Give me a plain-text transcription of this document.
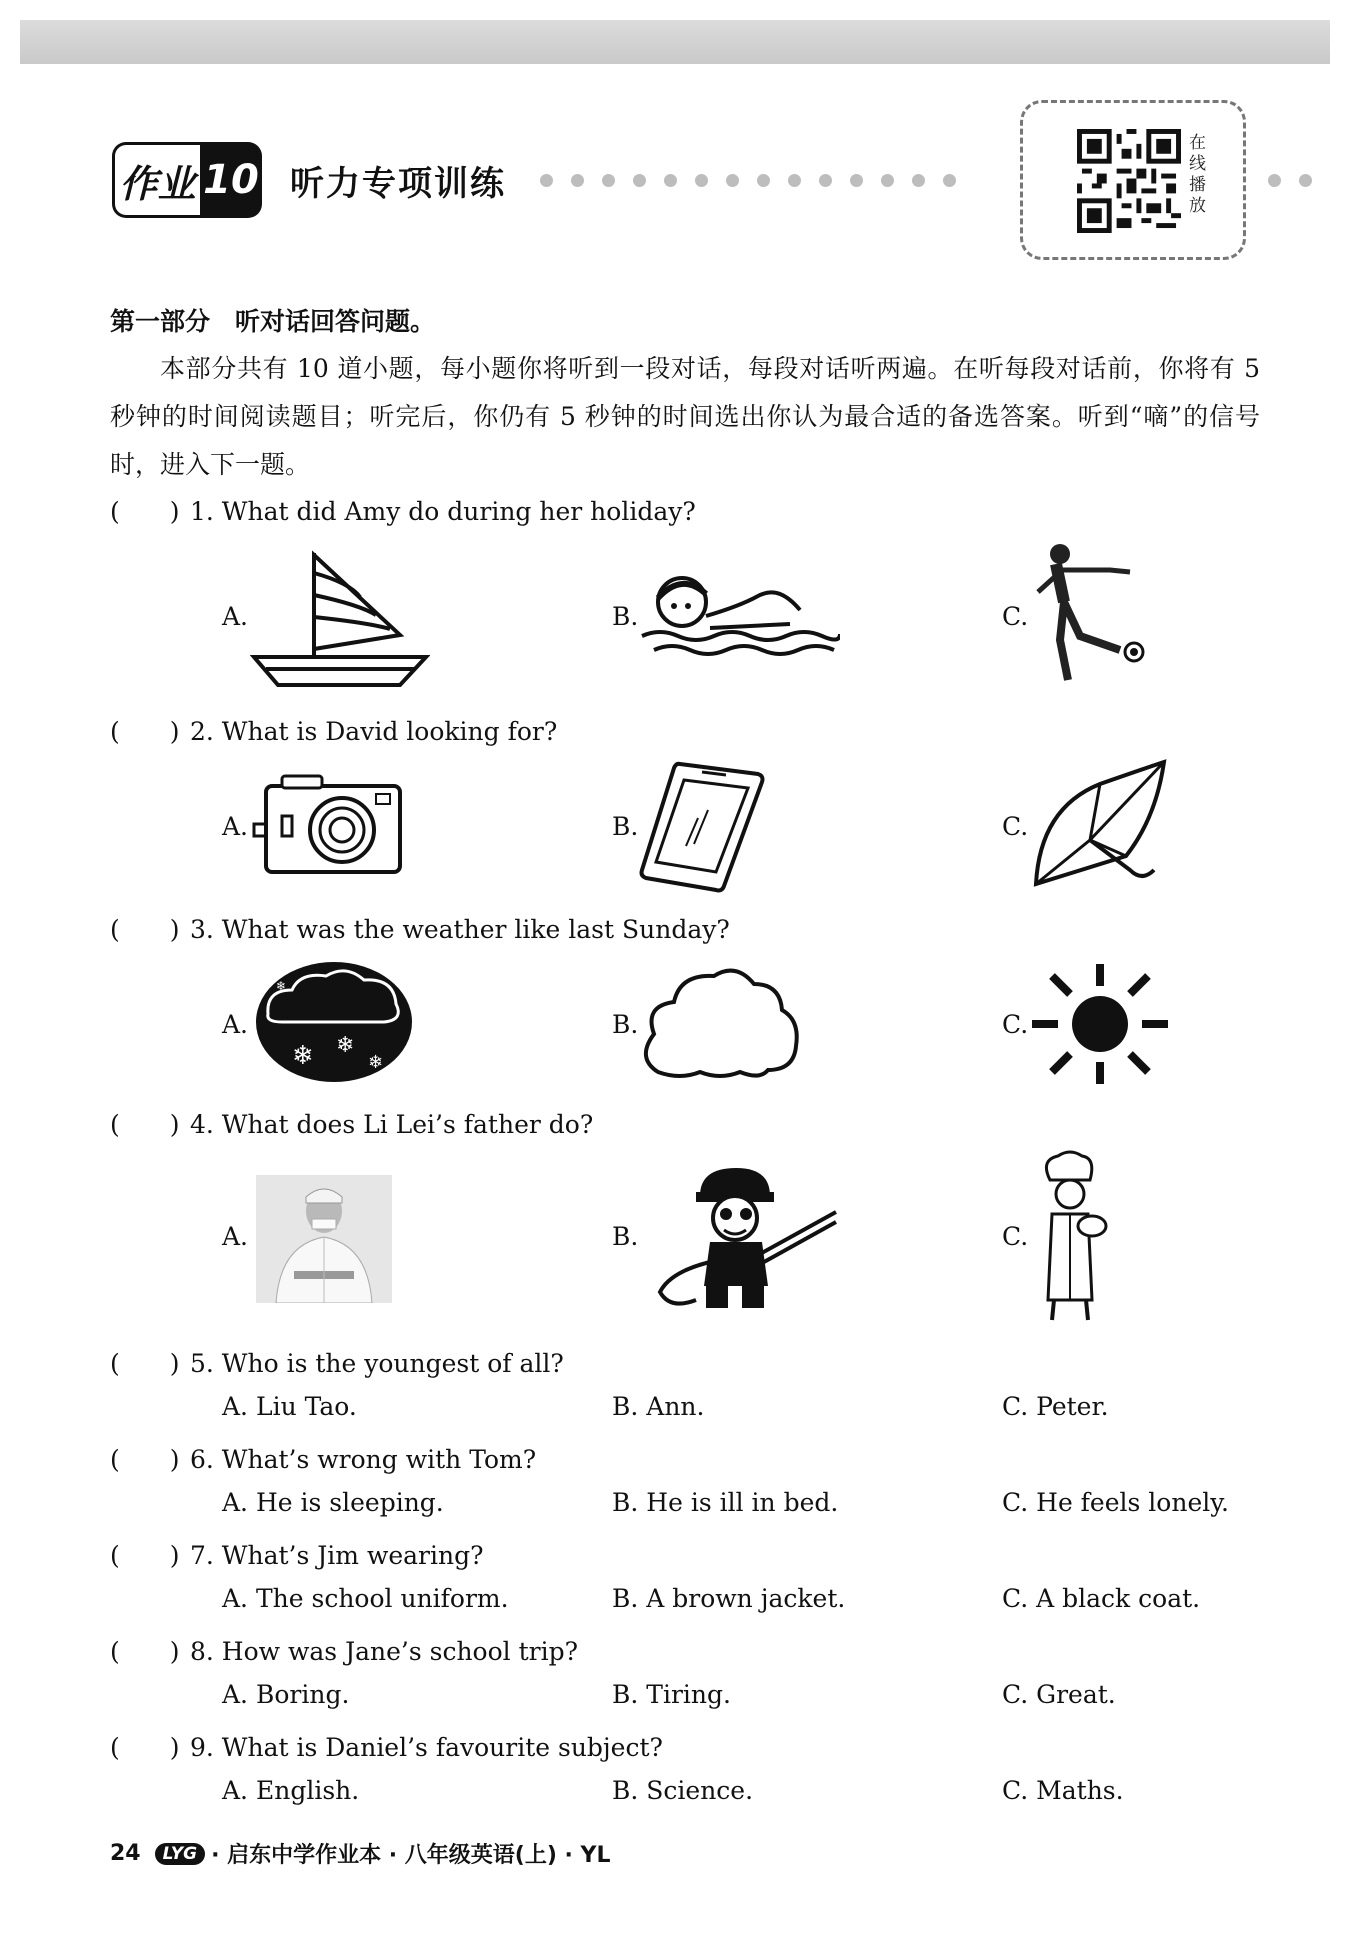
作业 10 听力专项训练
在线播放
第一部分　听对话回答问题。
本部分共有 10 道小题，每小题你将听到一段对话，每段对话听两遍。在听每段对话前，你将有 5 秒钟的时间阅读题目；听完后，你仍有 5 秒钟的时间选出你认为最合适的备选答案。听到“嘀”的信号时，进入下一题。
(　　) 1. What did Amy do during her holiday?
A.	B.	C.
(　　) 2. What is David looking for?
A.	B.	C.
(　　) 3. What was the weather like last Sunday?
A.
❄ ❄
❄
❄
B.	C.
(　　) 4. What does Li Lei’s father do?
A.	B.	C.
(　　) 5. Who is the youngest of all?
A. Liu Tao.	B. Ann.	C. Peter.
(　　) 6. What’s wrong with Tom?
A. He is sleeping.	B. He is ill in bed.	C. He feels lonely.
(　　) 7. What’s Jim wearing?
A. The school uniform.	B. A brown jacket.	C. A black coat.
(　　) 8. How was Jane’s school trip?
A. Boring.	B. Tiring.	C. Great.
(　　) 9. What is Daniel’s favourite subject?
A. English.	B. Science.	C. Maths.
24	LYG · 启东中学作业本 · 八年级英语(上) · YL
